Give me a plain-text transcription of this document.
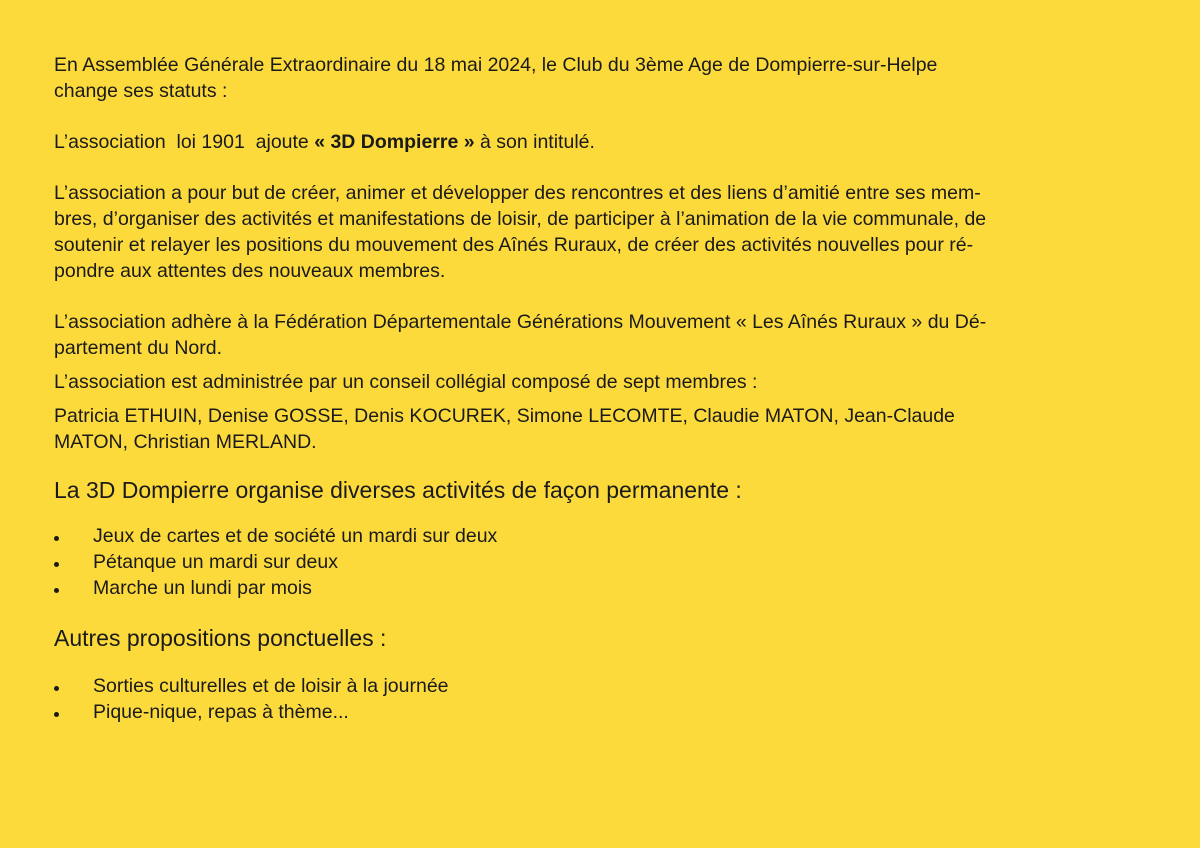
En Assemblée Générale Extraordinaire du 18 mai 2024, le Club du 3ème Age de Dompierre-sur-Helpe
change ses statuts :

L’association  loi 1901  ajoute « 3D Dompierre » à son intitulé.

L’association a pour but de créer, animer et développer des rencontres et des liens d’amitié entre ses mem-
bres, d’organiser des activités et manifestations de loisir, de participer à l’animation de la vie communale, de
soutenir et relayer les positions du mouvement des Aînés Ruraux, de créer des activités nouvelles pour ré-
pondre aux attentes des nouveaux membres.

L’association adhère à la Fédération Départementale Générations Mouvement « Les Aînés Ruraux » du Dé-
partement du Nord.

L’association est administrée par un conseil collégial composé de sept membres :

Patricia ETHUIN, Denise GOSSE, Denis KOCUREK, Simone LECOMTE, Claudie MATON, Jean-Claude
MATON, Christian MERLAND.

La 3D Dompierre organise diverses activités de façon permanente :

Jeux de cartes et de société un mardi sur deux
Pétanque un mardi sur deux
Marche un lundi par mois

Autres propositions ponctuelles :

Sorties culturelles et de loisir à la journée
Pique-nique, repas à thème...
